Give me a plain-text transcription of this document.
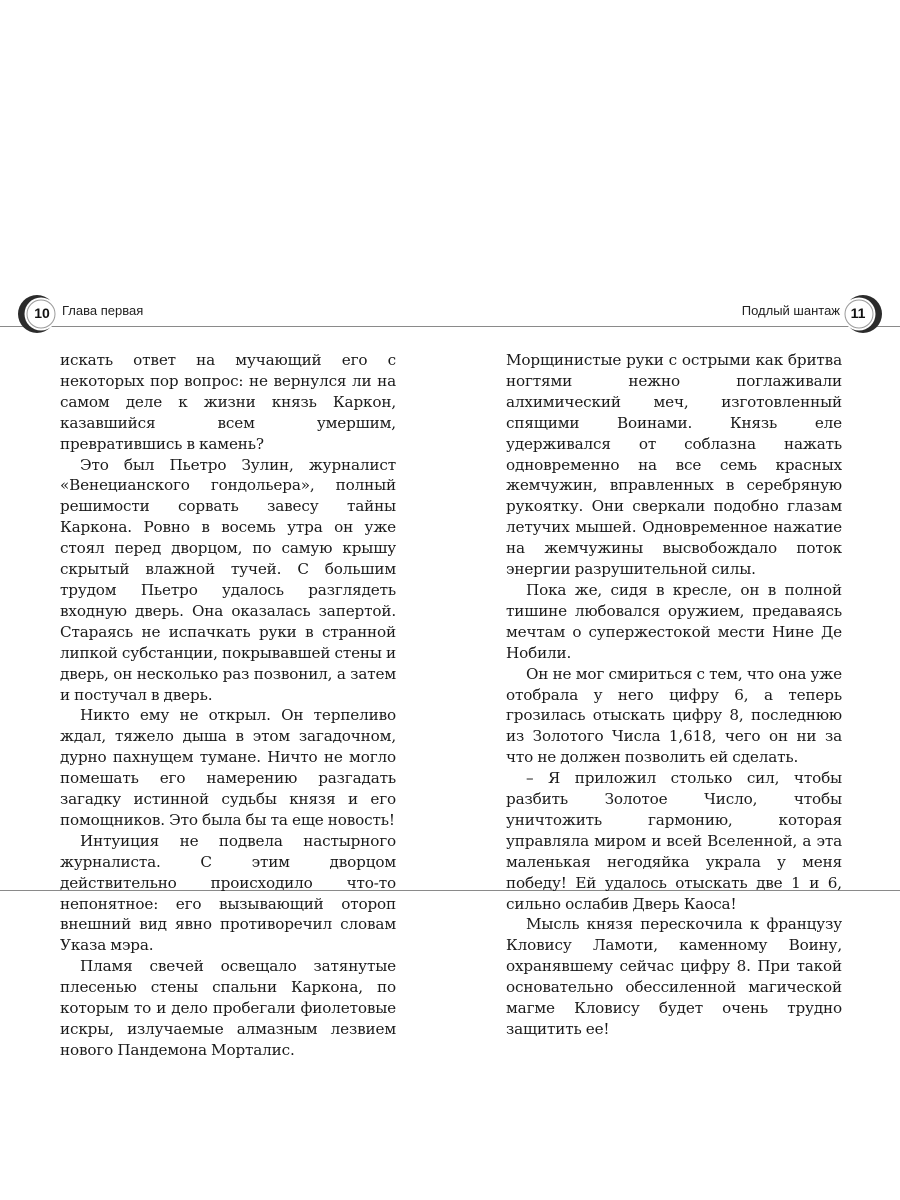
10 Глава первая	11
Подлый шантаж

искать ответ на мучающий его с некоторых пор вопрос: не вернулся ли на самом деле к жизни князь Каркон, казавшийся всем умершим, превратившись в камень?

Это был Пьетро Зулин, журналист «Венецианского гондольера», полный решимости сорвать завесу тайны Каркона. Ровно в восемь утра он уже стоял перед дворцом, по самую крышу скрытый влажной тучей. С большим трудом Пьетро удалось разглядеть входную дверь. Она оказалась запертой. Стараясь не испачкать руки в странной липкой субстанции, покрывавшей стены и дверь, он несколько раз позвонил, а затем и постучал в дверь.

Никто ему не открыл. Он терпеливо ждал, тяжело дыша в этом загадочном, дурно пахнущем тумане. Ничто не могло помешать его намерению разгадать загадку истинной судьбы князя и его помощников. Это была бы та еще новость!

Интуиция не подвела настырного журналиста. С этим дворцом действительно происходило что-то непонятное: его вызывающий отороп внешний вид явно противоречил словам Указа мэра.

Пламя свечей освещало затянутые плесенью стены спальни Каркона, по которым то и дело пробегали фиолетовые искры, излучаемые алмазным лезвием нового Пандемона Морталис.

Морщинистые руки с острыми как бритва ногтями нежно поглаживали алхимический меч, изготовленный спящими Воинами. Князь еле удерживался от соблазна нажать одновременно на все семь красных жемчужин, вправленных в серебряную рукоятку. Они сверкали подобно глазам летучих мышей. Одновременное нажатие на жемчужины высвобождало поток энергии разрушительной силы.

Пока же, сидя в кресле, он в полной тишине любовался оружием, предаваясь мечтам о супержестокой мести Нине Де Нобили.

Он не мог смириться с тем, что она уже отобрала у него цифру 6, а теперь грозилась отыскать цифру 8, последнюю из Золотого Числа 1,618, чего он ни за что не должен позволить ей сделать.

– Я приложил столько сил, чтобы разбить Золотое Число, чтобы уничтожить гармонию, которая управляла миром и всей Вселенной, а эта маленькая негодяйка украла у меня победу! Ей удалось отыскать две 1 и 6, сильно ослабив Дверь Каоса!

Мысль князя перескочила к французу Кловису Ламоти, каменному Воину, охранявшему сейчас цифру 8. При такой основательно обессиленной магической магме Кловису будет очень трудно защитить ее!
